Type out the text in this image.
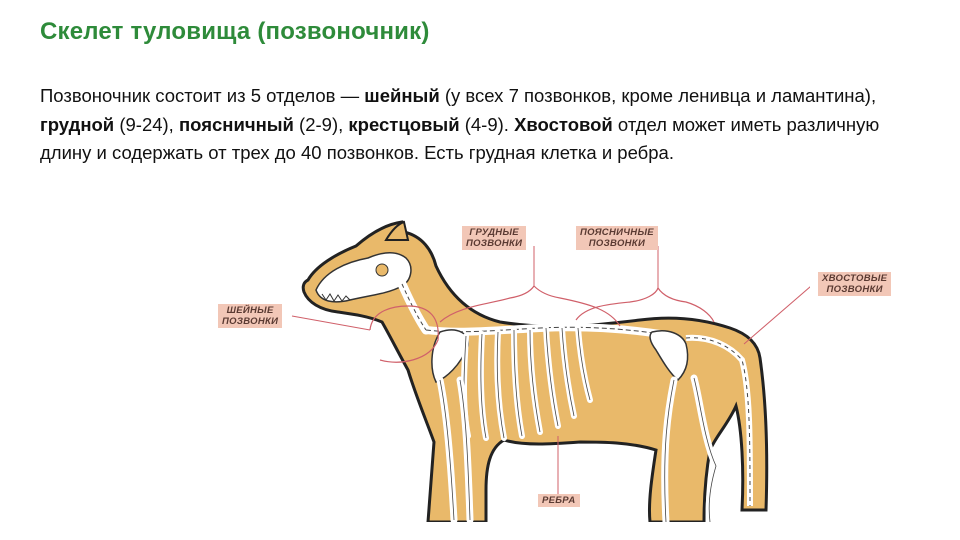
Скелет туловища (позвоночник)

Позвоночник состоит из 5 отделов — шейный (у всех 7 позвонков, кроме ленивца и ламантина), грудной (9-24), поясничный (2-9), крестцовый (4-9). Хвостовой отдел может иметь различную длину и содержать от трех до 40 позвонков. Есть грудная клетка и ребра.

ГРУДНЫЕ
ПОЗВОНКИ
ПОЯСНИЧНЫЕ
ПОЗВОНКИ
ХВОСТОВЫЕ
ПОЗВОНКИ
ШЕЙНЫЕ
ПОЗВОНКИ
РЕБРА
